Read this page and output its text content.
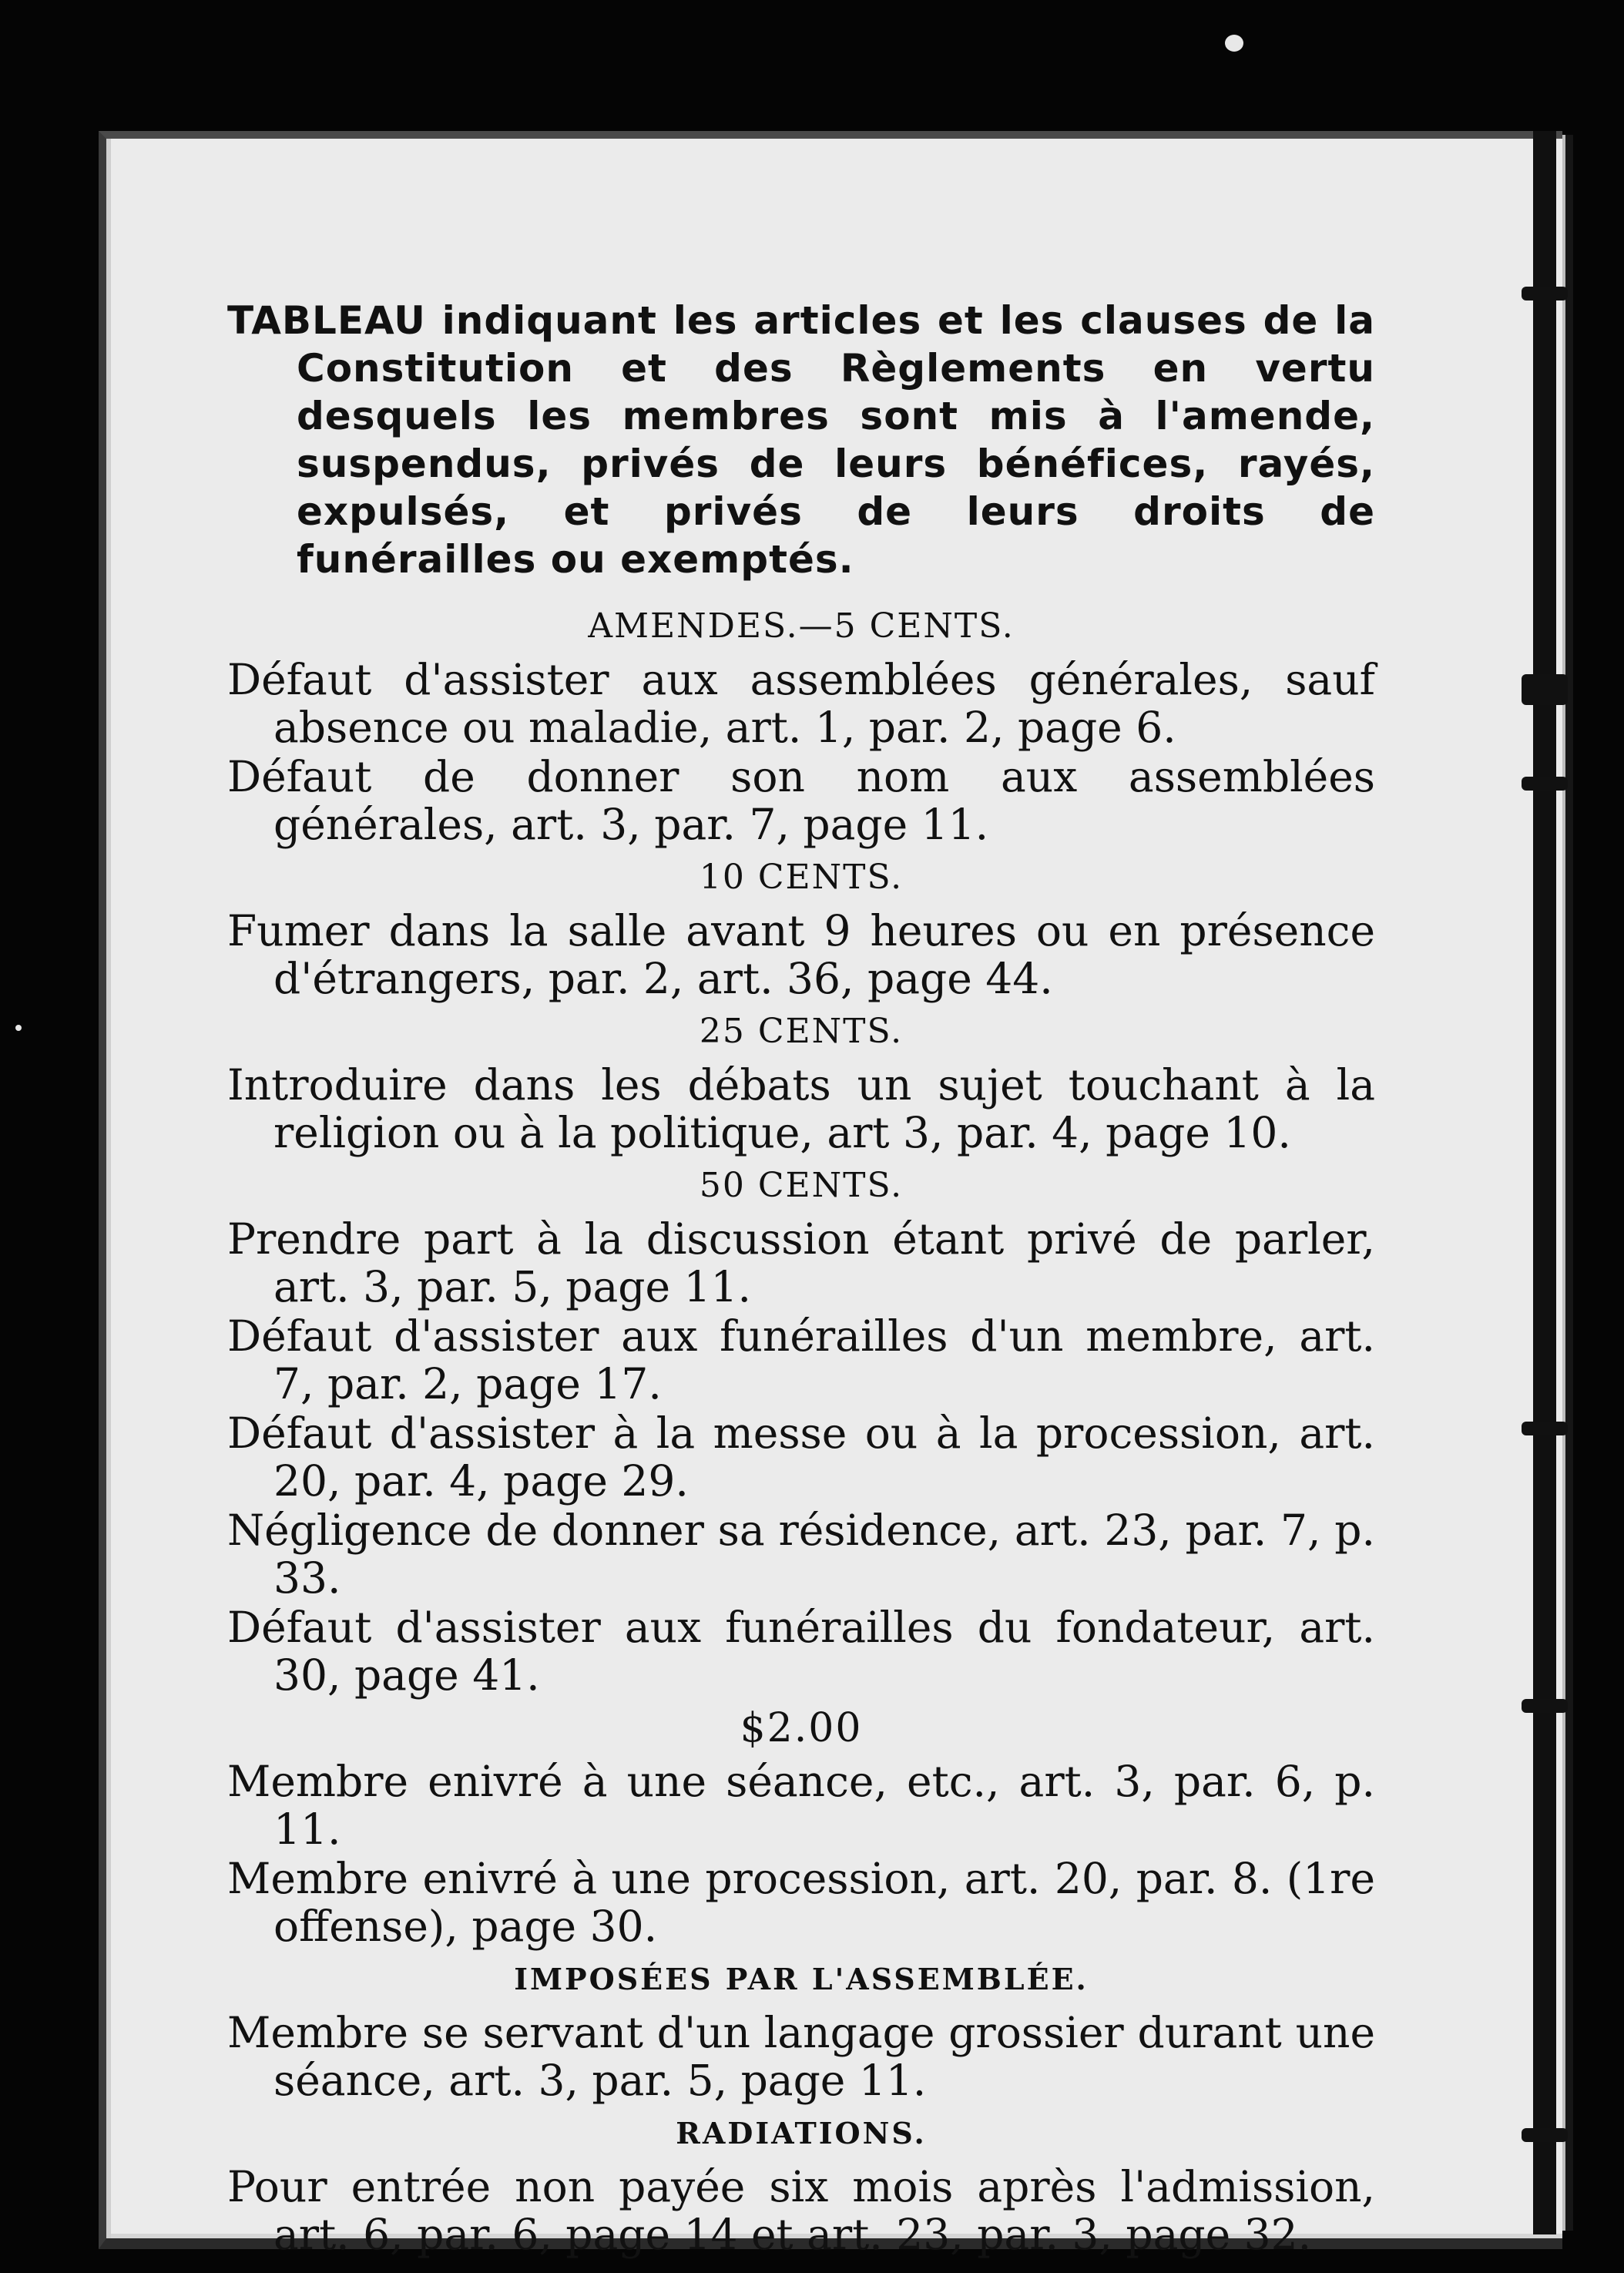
TABLEAU indiquant les articles et les clauses de la Constitution et des Règlements en vertu desquels les membres sont mis à l'amende, suspendus, privés de leurs bénéfices, rayés, expulsés, et privés de leurs droits de funérailles ou exemptés.

AMENDES.—5 CENTS.

Défaut d'assister aux assemblées générales, sauf absence ou maladie, art. 1, par. 2, page 6.

Défaut de donner son nom aux assemblées générales, art. 3, par. 7, page 11.

10 CENTS.

Fumer dans la salle avant 9 heures ou en présence d'étrangers, par. 2, art. 36, page 44.

25 CENTS.

Introduire dans les débats un sujet touchant à la religion ou à la politique, art 3, par. 4, page 10.

50 CENTS.

Prendre part à la discussion étant privé de parler, art. 3, par. 5, page 11.

Défaut d'assister aux funérailles d'un membre, art. 7, par. 2, page 17.

Défaut d'assister à la messe ou à la procession, art. 20, par. 4, page 29.

Négligence de donner sa résidence, art. 23, par. 7, p. 33.

Défaut d'assister aux funérailles du fondateur, art. 30, page 41.

$2.00

Membre enivré à une séance, etc., art. 3, par. 6, p. 11.

Membre enivré à une procession, art. 20, par. 8. (1re offense), page 30.

IMPOSÉES PAR L'ASSEMBLÉE.

Membre se servant d'un langage grossier durant une séance, art. 3, par. 5, page 11.

RADIATIONS.

Pour entrée non payée six mois après l'admission, art. 6, par. 6, page 14 et art. 23, par. 3, page 32.
